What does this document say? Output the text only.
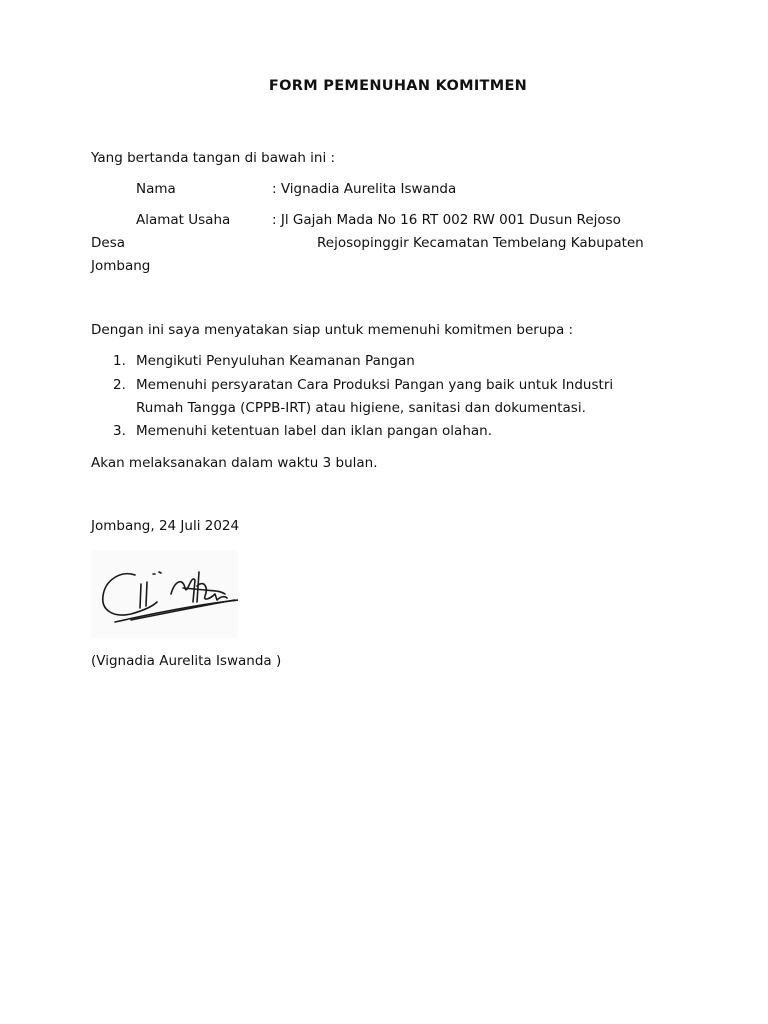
FORM PEMENUHAN KOMITMEN
Yang bertanda tangan di bawah ini :
Nama	: Vignadia Aurelita Iswanda
Alamat Usaha	: Jl Gajah Mada No 16 RT 002 RW 001 Dusun Rejoso
Desa	Rejosopinggir Kecamatan Tembelang Kabupaten
Jombang
Dengan ini saya menyatakan siap untuk memenuhi komitmen berupa :
1. Mengikuti Penyuluhan Keamanan Pangan
2. Memenuhi persyaratan Cara Produksi Pangan yang baik untuk Industri
Rumah Tangga (CPPB-IRT) atau higiene, sanitasi dan dokumentasi.
3. Memenuhi ketentuan label dan iklan pangan olahan.
Akan melaksanakan dalam waktu 3 bulan.
Jombang, 24 Juli 2024
(Vignadia Aurelita Iswanda )
